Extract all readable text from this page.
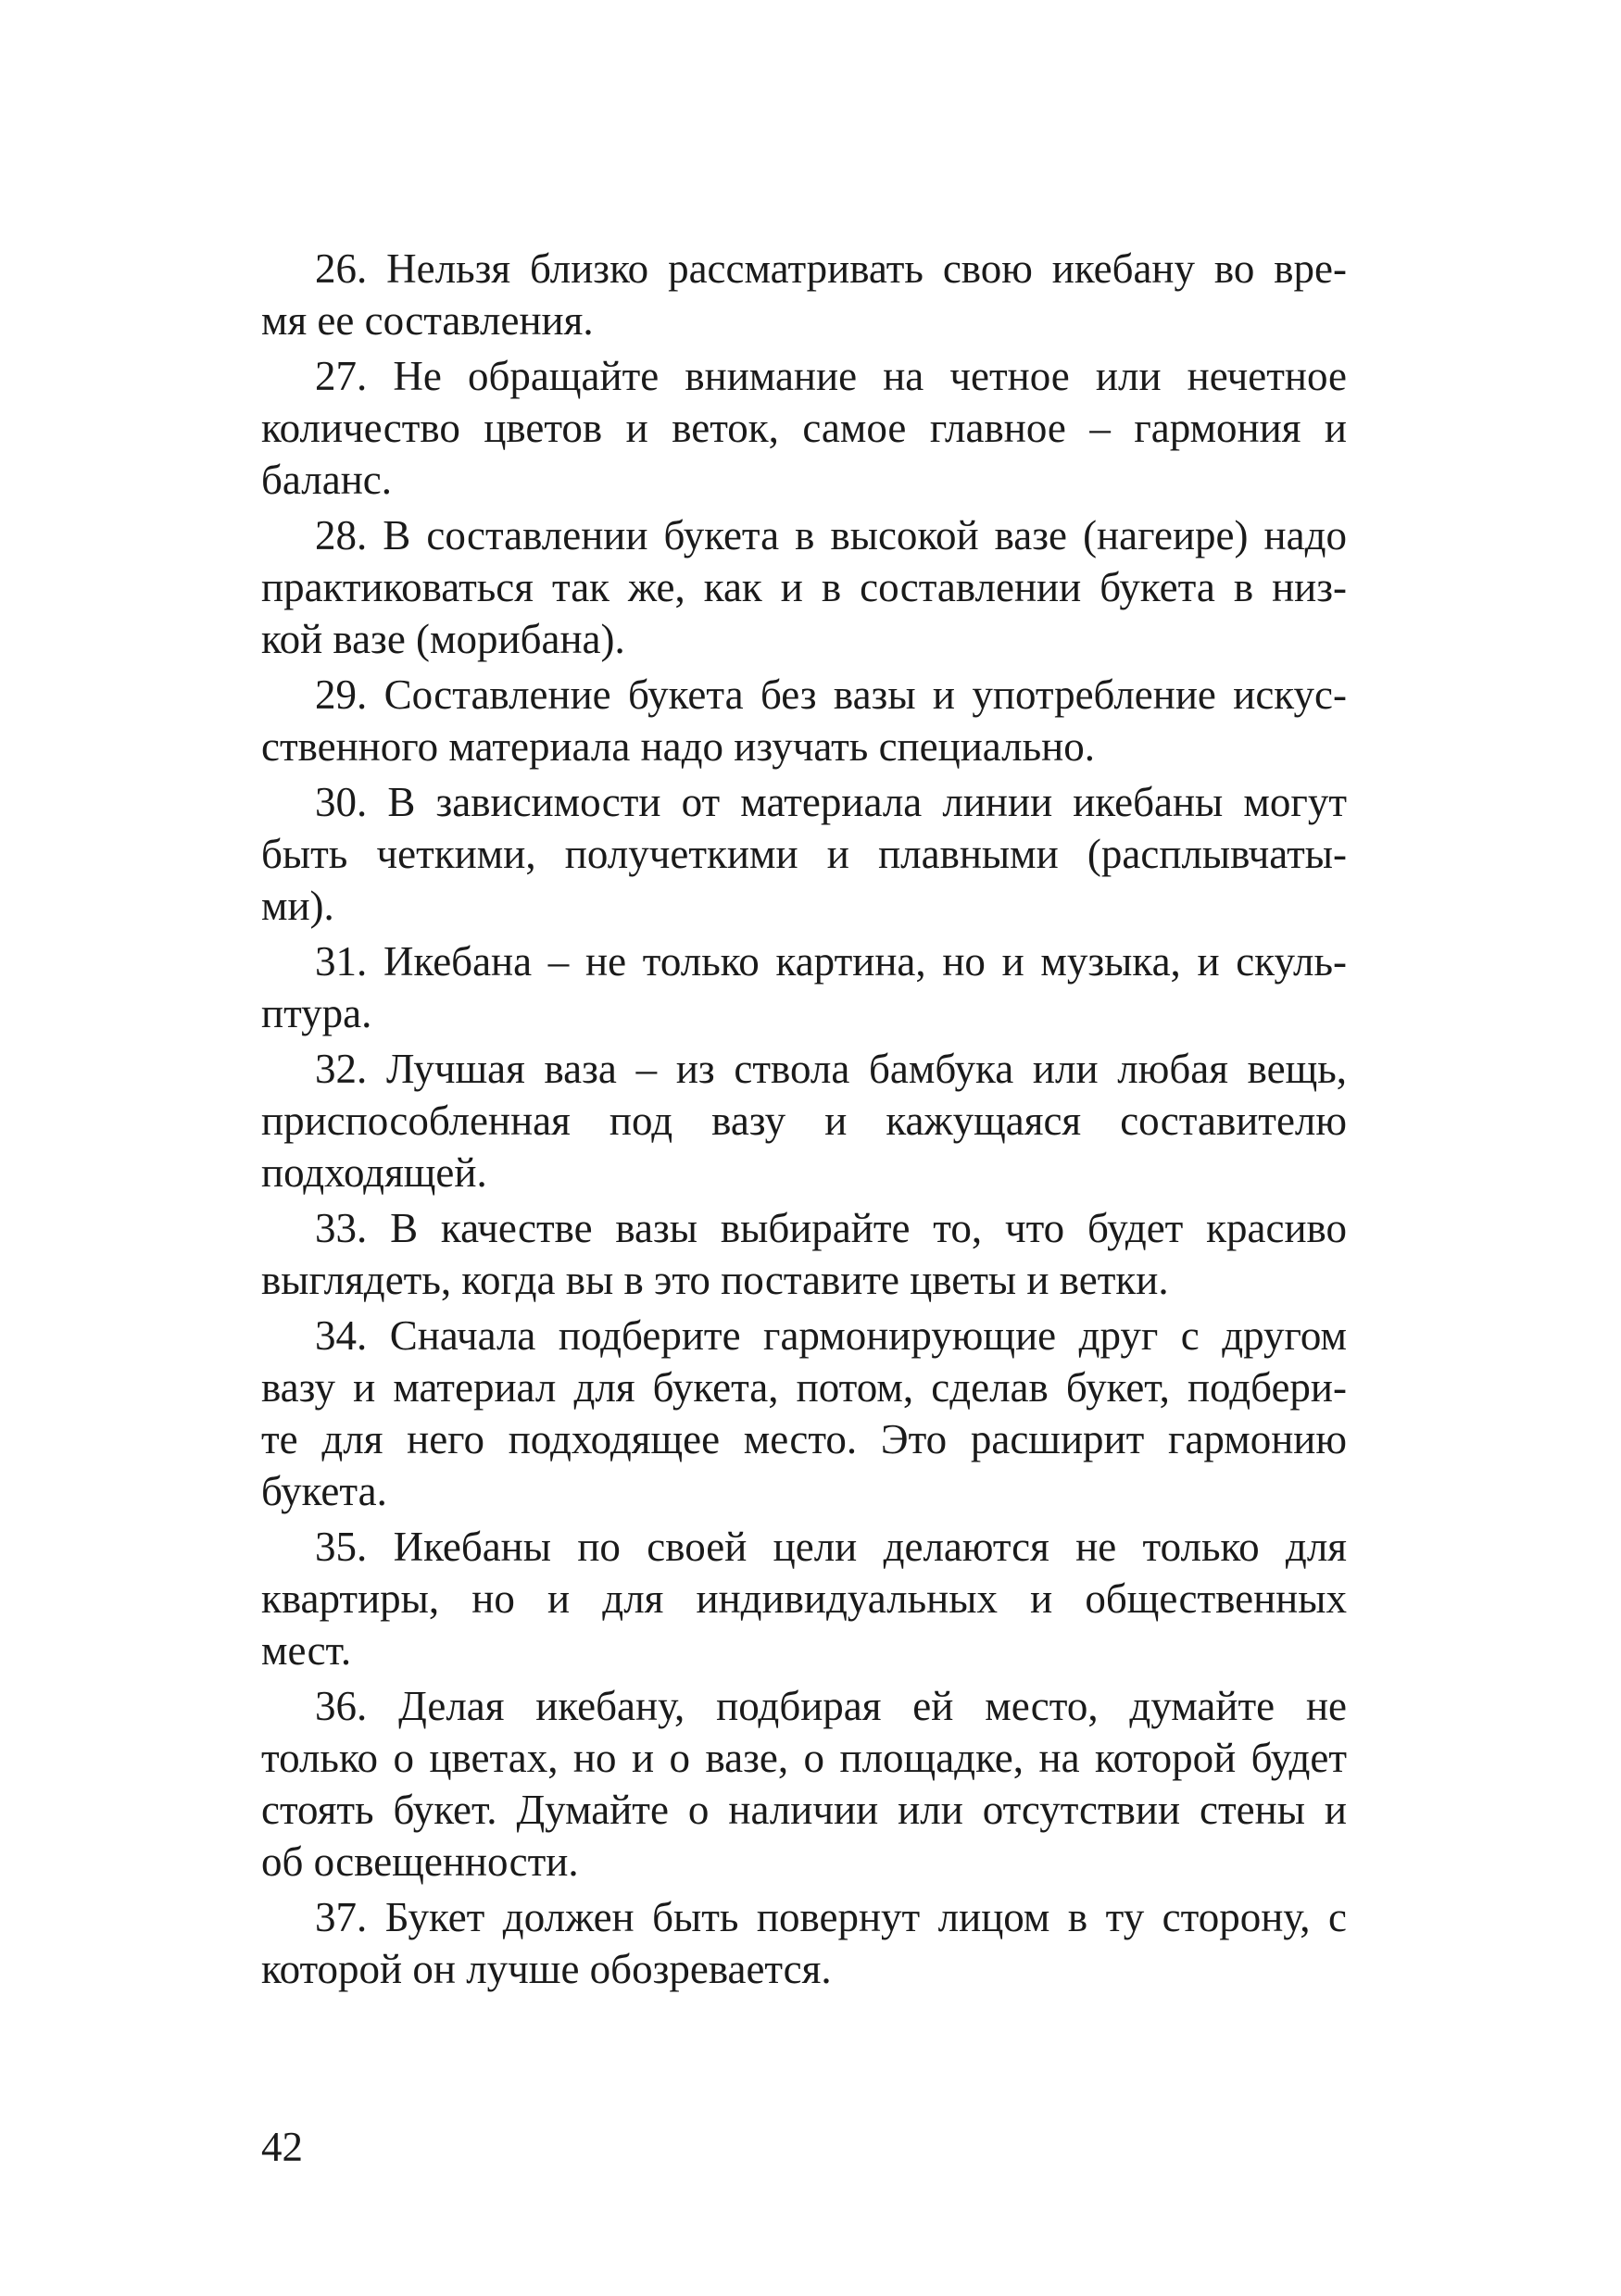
26. Нельзя близко рассматривать свою икебану во вре-
мя ее составления.
27. Не обращайте внимание на четное или нечетное
количество цветов и веток, самое главное – гармония и
баланс.
28. В составлении букета в высокой вазе (нагеире) надо
практиковаться так же, как и в составлении букета в низ-
кой вазе (морибана).
29. Составление букета без вазы и употребление искус-
ственного материала надо изучать специально.
30. В зависимости от материала линии икебаны могут
быть четкими, получеткими и плавными (расплывчаты-
ми).
31. Икебана – не только картина, но и музыка, и скуль-
птура.
32. Лучшая ваза – из ствола бамбука или любая вещь,
приспособленная под вазу и кажущаяся составителю
подходящей.
33. В качестве вазы выбирайте то, что будет красиво
выглядеть, когда вы в это поставите цветы и ветки.
34. Сначала подберите гармонирующие друг с другом
вазу и материал для букета, потом, сделав букет, подбери-
те для него подходящее место. Это расширит гармонию
букета.
35. Икебаны по своей цели делаются не только для
квартиры, но и для индивидуальных и общественных
мест.
36. Делая икебану, подбирая ей место, думайте не
только о цветах, но и о вазе, о площадке, на которой будет
стоять букет. Думайте о наличии или отсутствии стены и
об освещенности.
37. Букет должен быть повернут лицом в ту сторону, с
которой он лучше обозревается.
42
